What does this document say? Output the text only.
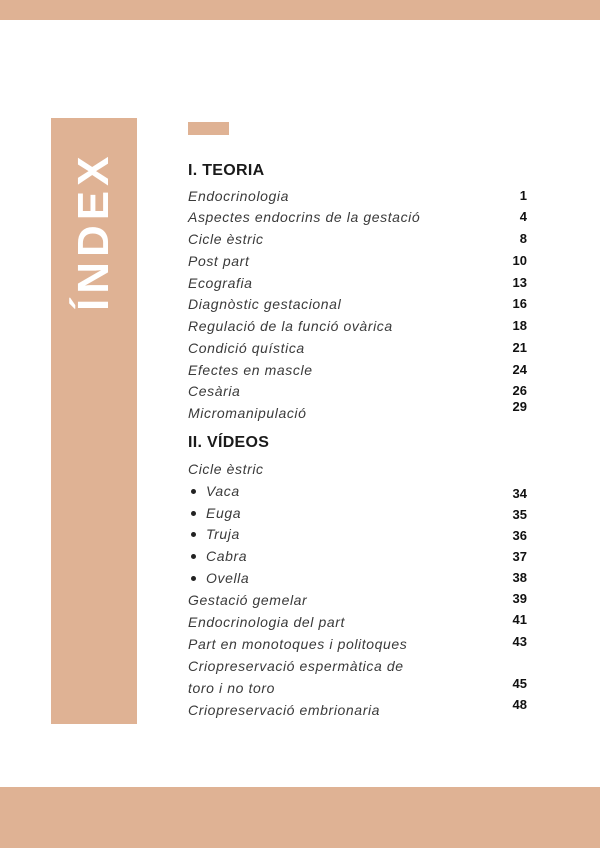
ÍNDEX	I. TEORIA
Endocrinologia	1
Aspectes endocrins de la gestació	4
Cicle èstric	8
Post part	10
Ecografia	13
Diagnòstic gestacional	16
Regulació de la funció ovàrica	18
Condició quística	21
Efectes en mascle	24
Cesària	26
Micromanipulació	29
II. VÍDEOS
Cicle èstric
Vaca	34
Euga	35
Truja	36
Cabra	37
Ovella	38
Gestació gemelar	39
Endocrinologia del part	41
Part en monotoques i politoques	43
Criopreservació espermàtica de
toro i no toro	45
Criopreservació embrionaria	48
